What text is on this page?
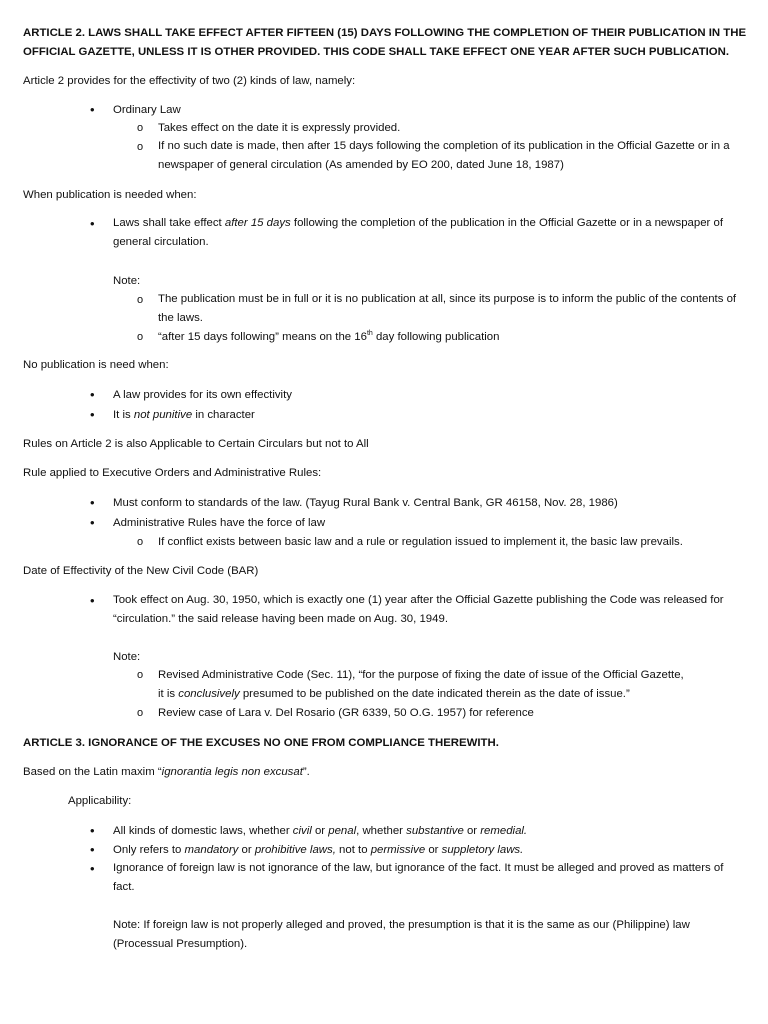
ARTICLE 2. LAWS SHALL TAKE EFFECT AFTER FIFTEEN (15) DAYS FOLLOWING THE COMPLETION OF THEIR PUBLICATION IN THE
OFFICIAL GAZETTE, UNLESS IT IS OTHER PROVIDED. THIS CODE SHALL TAKE EFFECT ONE YEAR AFTER SUCH PUBLICATION.
Article 2 provides for the effectivity of two (2) kinds of law, namely:
• Ordinary Law
o Takes effect on the date it is expressly provided.
o If no such date is made, then after 15 days following the completion of its publication in the Official Gazette or in a newspaper of general circulation (As amended by EO 200, dated June 18, 1987)
When publication is needed when:
• Laws shall take effect after 15 days following the completion of the publication in the Official Gazette or in a newspaper of general circulation.
Note:
o The publication must be in full or it is no publication at all, since its purpose is to inform the public of the contents of the laws.
o “after 15 days following” means on the 16th day following publication
No publication is need when:
• A law provides for its own effectivity
• It is not punitive in character
Rules on Article 2 is also Applicable to Certain Circulars but not to All
Rule applied to Executive Orders and Administrative Rules:
• Must conform to standards of the law. (Tayug Rural Bank v. Central Bank, GR 46158, Nov. 28, 1986)
• Administrative Rules have the force of law
o If conflict exists between basic law and a rule or regulation issued to implement it, the basic law prevails.
Date of Effectivity of the New Civil Code (BAR)
• Took effect on Aug. 30, 1950, which is exactly one (1) year after the Official Gazette publishing the Code was released for “circulation.” the said release having been made on Aug. 30, 1949.
Note:
o Revised Administrative Code (Sec. 11), “for the purpose of fixing the date of issue of the Official Gazette,
it is conclusively presumed to be published on the date indicated therein as the date of issue.”
o Review case of Lara v. Del Rosario (GR 6339, 50 O.G. 1957) for reference
ARTICLE 3. IGNORANCE OF THE EXCUSES NO ONE FROM COMPLIANCE THEREWITH.
Based on the Latin maxim “ignorantia legis non excusat”.
Applicability:
• All kinds of domestic laws, whether civil or penal, whether substantive or remedial.
• Only refers to mandatory or prohibitive laws, not to permissive or suppletory laws.
• Ignorance of foreign law is not ignorance of the law, but ignorance of the fact. It must be alleged and proved as matters of fact.
Note: If foreign law is not properly alleged and proved, the presumption is that it is the same as our (Philippine) law (Processual Presumption).
